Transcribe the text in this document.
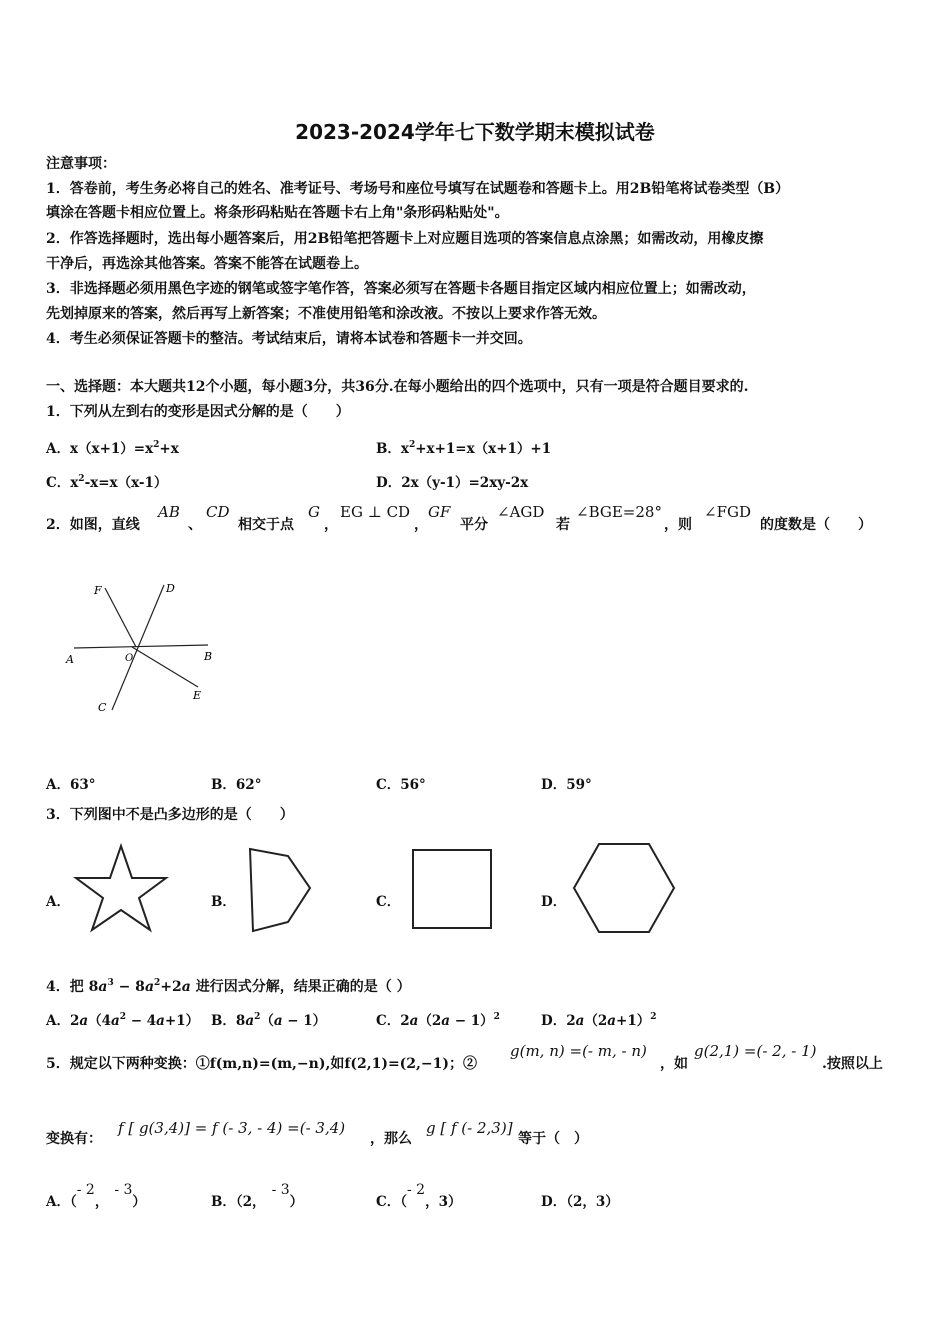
2023-2024学年七下数学期末模拟试卷
注意事项：
1．答卷前，考生务必将自己的姓名、准考证号、考场号和座位号填写在试题卷和答题卡上。用2B铅笔将试卷类型（B）
填涂在答题卡相应位置上。将条形码粘贴在答题卡右上角"条形码粘贴处"。
2．作答选择题时，选出每小题答案后，用2B铅笔把答题卡上对应题目选项的答案信息点涂黑；如需改动，用橡皮擦
干净后，再选涂其他答案。答案不能答在试题卷上。
3．非选择题必须用黑色字迹的钢笔或签字笔作答，答案必须写在答题卡各题目指定区域内相应位置上；如需改动，
先划掉原来的答案，然后再写上新答案；不准使用铅笔和涂改液。不按以上要求作答无效。
4．考生必须保证答题卡的整洁。考试结束后，请将本试卷和答题卡一并交回。
一、选择题：本大题共12个小题，每小题3分，共36分.在每小题给出的四个选项中，只有一项是符合题目要求的.
1．下列从左到右的变形是因式分解的是（　　）
A．$x(x+1)=x^2+x$	B．$x^2+x+1=x(x+1)+1$
C．$x^2-x=x(x-1)$	D．2x（y-1）=2xy-2x
2．如图，直线
AB
、
CD
相交于点
G
，
EG ⊥ CD
，
GF
平分
∠AGD
若
∠BGE=28°
，则
∠FGD
的度数是（　　）
F	D
A	O	B
E
C
A．63°	B．62°	C．56°	D．59°
3．下列图中不是凸多边形的是（　　）
A．	B．	C．	D．
4．把 $8a^3 - 8a^2+2a$ 进行因式分解，结果正确的是（ ）
A．$2a(4a^2 - 4a+1)$ B．$8a^2(a - 1)$	C．$2a(2a - 1)^2$	D．$2a(2a+1)^2$
5．规定以下两种变换：①f(m,n)=(m,−n),如f(2,1)=(2,−1)；②
g(m, n) =(- m, - n)
，如
g(2,1) =(- 2, - 1)
.按照以上
变换有：
f [ g(3,4)] = f (- 3, - 4) =(- 3,4)
，那么
g [ f (- 2,3)]
等于（　）
A．（- 2，- 3）	B．（2，- 3）	C．（- 2，3）	D．（2，3）
